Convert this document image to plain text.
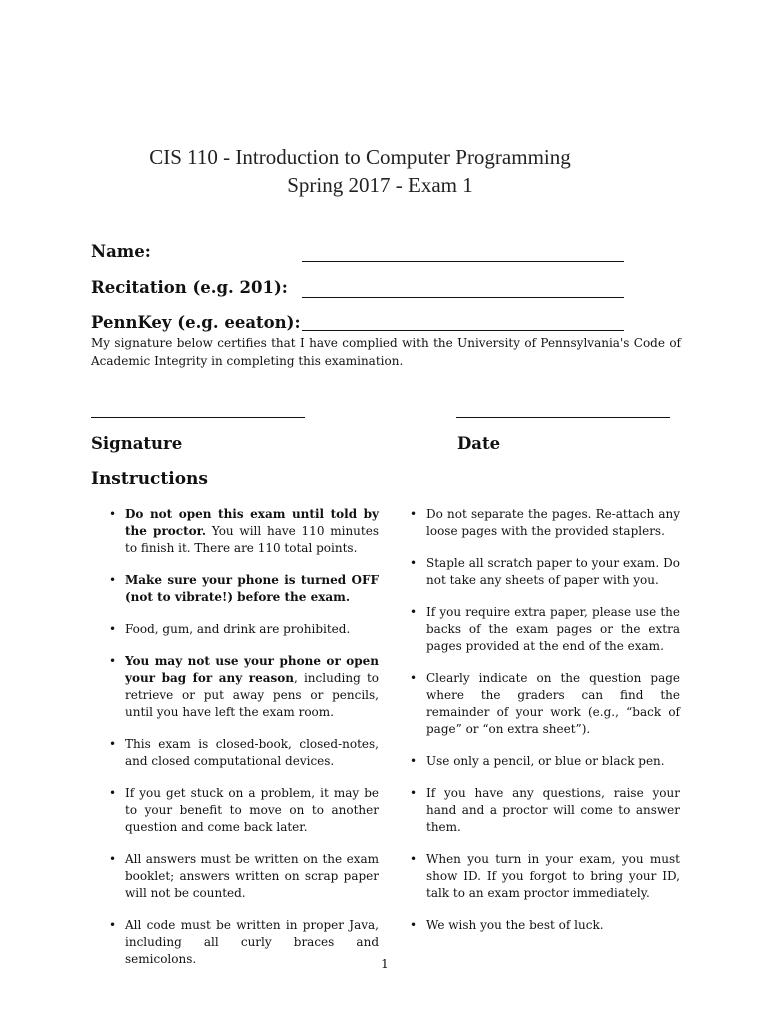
CIS 110 - Introduction to Computer Programming
Spring 2017 - Exam 1
Name:
Recitation (e.g. 201):
PennKey (e.g. eeaton):
My signature below certifies that I have complied with the University of Pennsylvania's Code of Academic Integrity in completing this examination.
Signature	Date
Instructions
• Do not open this exam until told by the proctor. You will have 110 minutes to finish it. There are 110 total points.
• Make sure your phone is turned OFF (not to vibrate!) before the exam.
• Food, gum, and drink are prohibited.
• You may not use your phone or open your bag for any reason, including to retrieve or put away pens or pencils, until you have left the exam room.
• This exam is closed-book, closed-notes, and closed computational devices.
• If you get stuck on a problem, it may be to your benefit to move on to another question and come back later.
• All answers must be written on the exam booklet; answers written on scrap paper will not be counted.
• All code must be written in proper Java, including all curly braces and semicolons.
• Do not separate the pages. Re-attach any loose pages with the provided staplers.
• Staple all scratch paper to your exam. Do not take any sheets of paper with you.
• If you require extra paper, please use the backs of the exam pages or the extra pages provided at the end of the exam.
• Clearly indicate on the question page where the graders can find the remainder of your work (e.g., “back of page” or “on extra sheet”).
• Use only a pencil, or blue or black pen.
• If you have any questions, raise your hand and a proctor will come to answer them.
• When you turn in your exam, you must show ID. If you forgot to bring your ID, talk to an exam proctor immediately.
• We wish you the best of luck.
1
